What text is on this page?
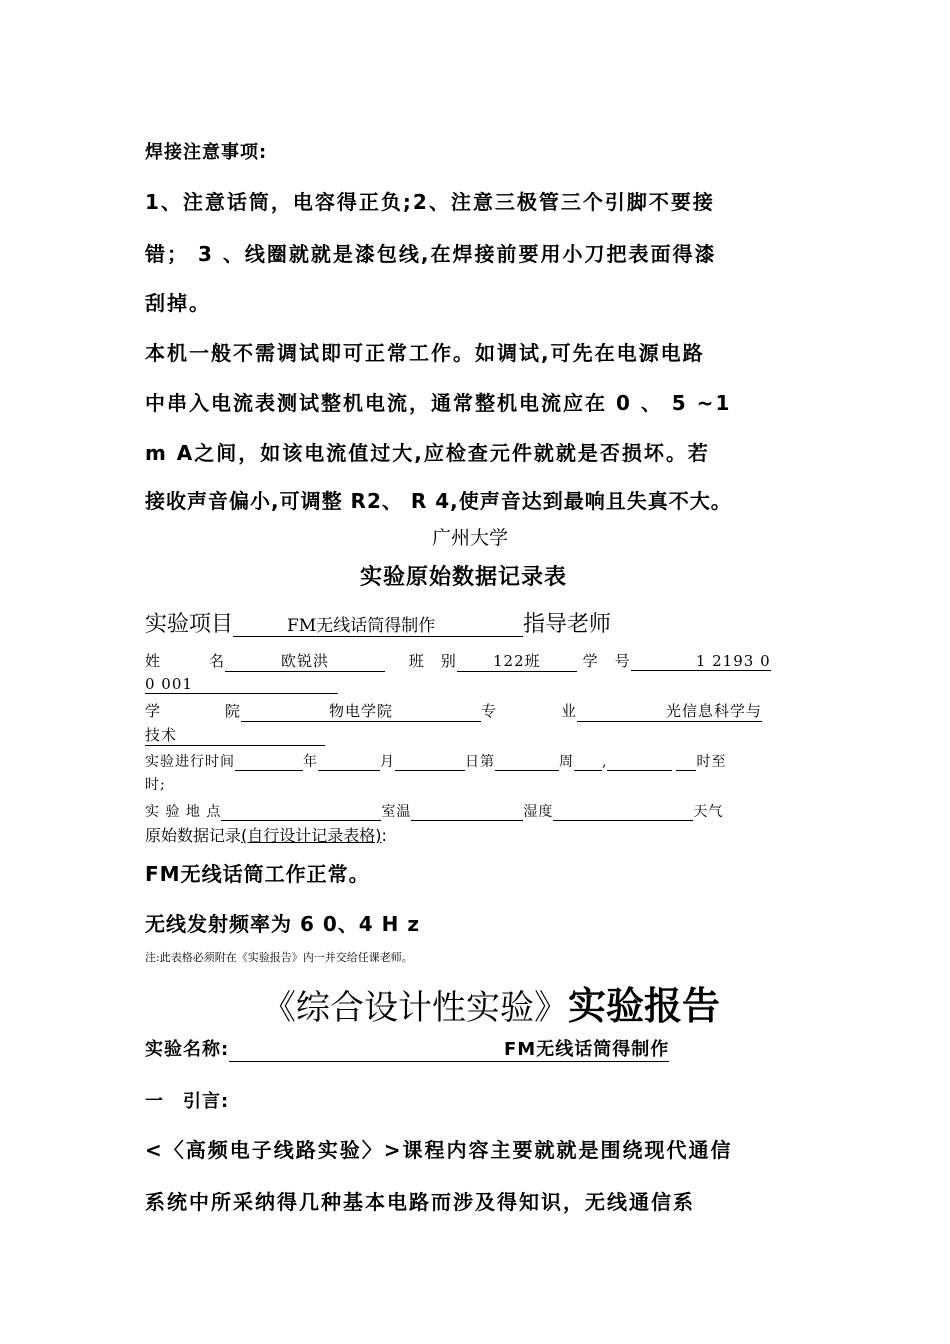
焊接注意事项:
1、注意话筒，电容得正负;2、注意三极管三个引脚不要接
错； 3 、线圈就就是漆包线,在焊接前要用小刀把表面得漆
刮掉。
本机一般不需调试即可正常工作。如调试,可先在电源电路
中串入电流表测试整机电流，通常整机电流应在 0 、 5 ~1
m A之间，如该电流值过大,应检查元件就就是否损坏。若
接收声音偏小,可调整 R2、 R 4,使声音达到最响且失真不大。
广州大学
实验原始数据记录表
实验项目	FM无线话筒得制作	指导老师
姓　　　名	欧锐洪	班　别 122班	学　号	1 2193 0
0 001
学　　　　院	物电学院	专　　　　业	光信息科学与
技术
实验进行时间	年	月	日第	周 ,	时至
时;
实 验 地 点	室温	湿度	天气
原始数据记录(自行设计记录表格):
FM无线话筒工作正常。
无线发射频率为 6 0、4 H z
注:此表格必须附在《实验报告》内一并交给任课老师。
《综合设计性实验》实验报告
实验名称:	FM无线话筒得制作
一　引言:
<〈高频电子线路实验〉>课程内容主要就就是围绕现代通信
系统中所采纳得几种基本电路而涉及得知识，无线通信系
